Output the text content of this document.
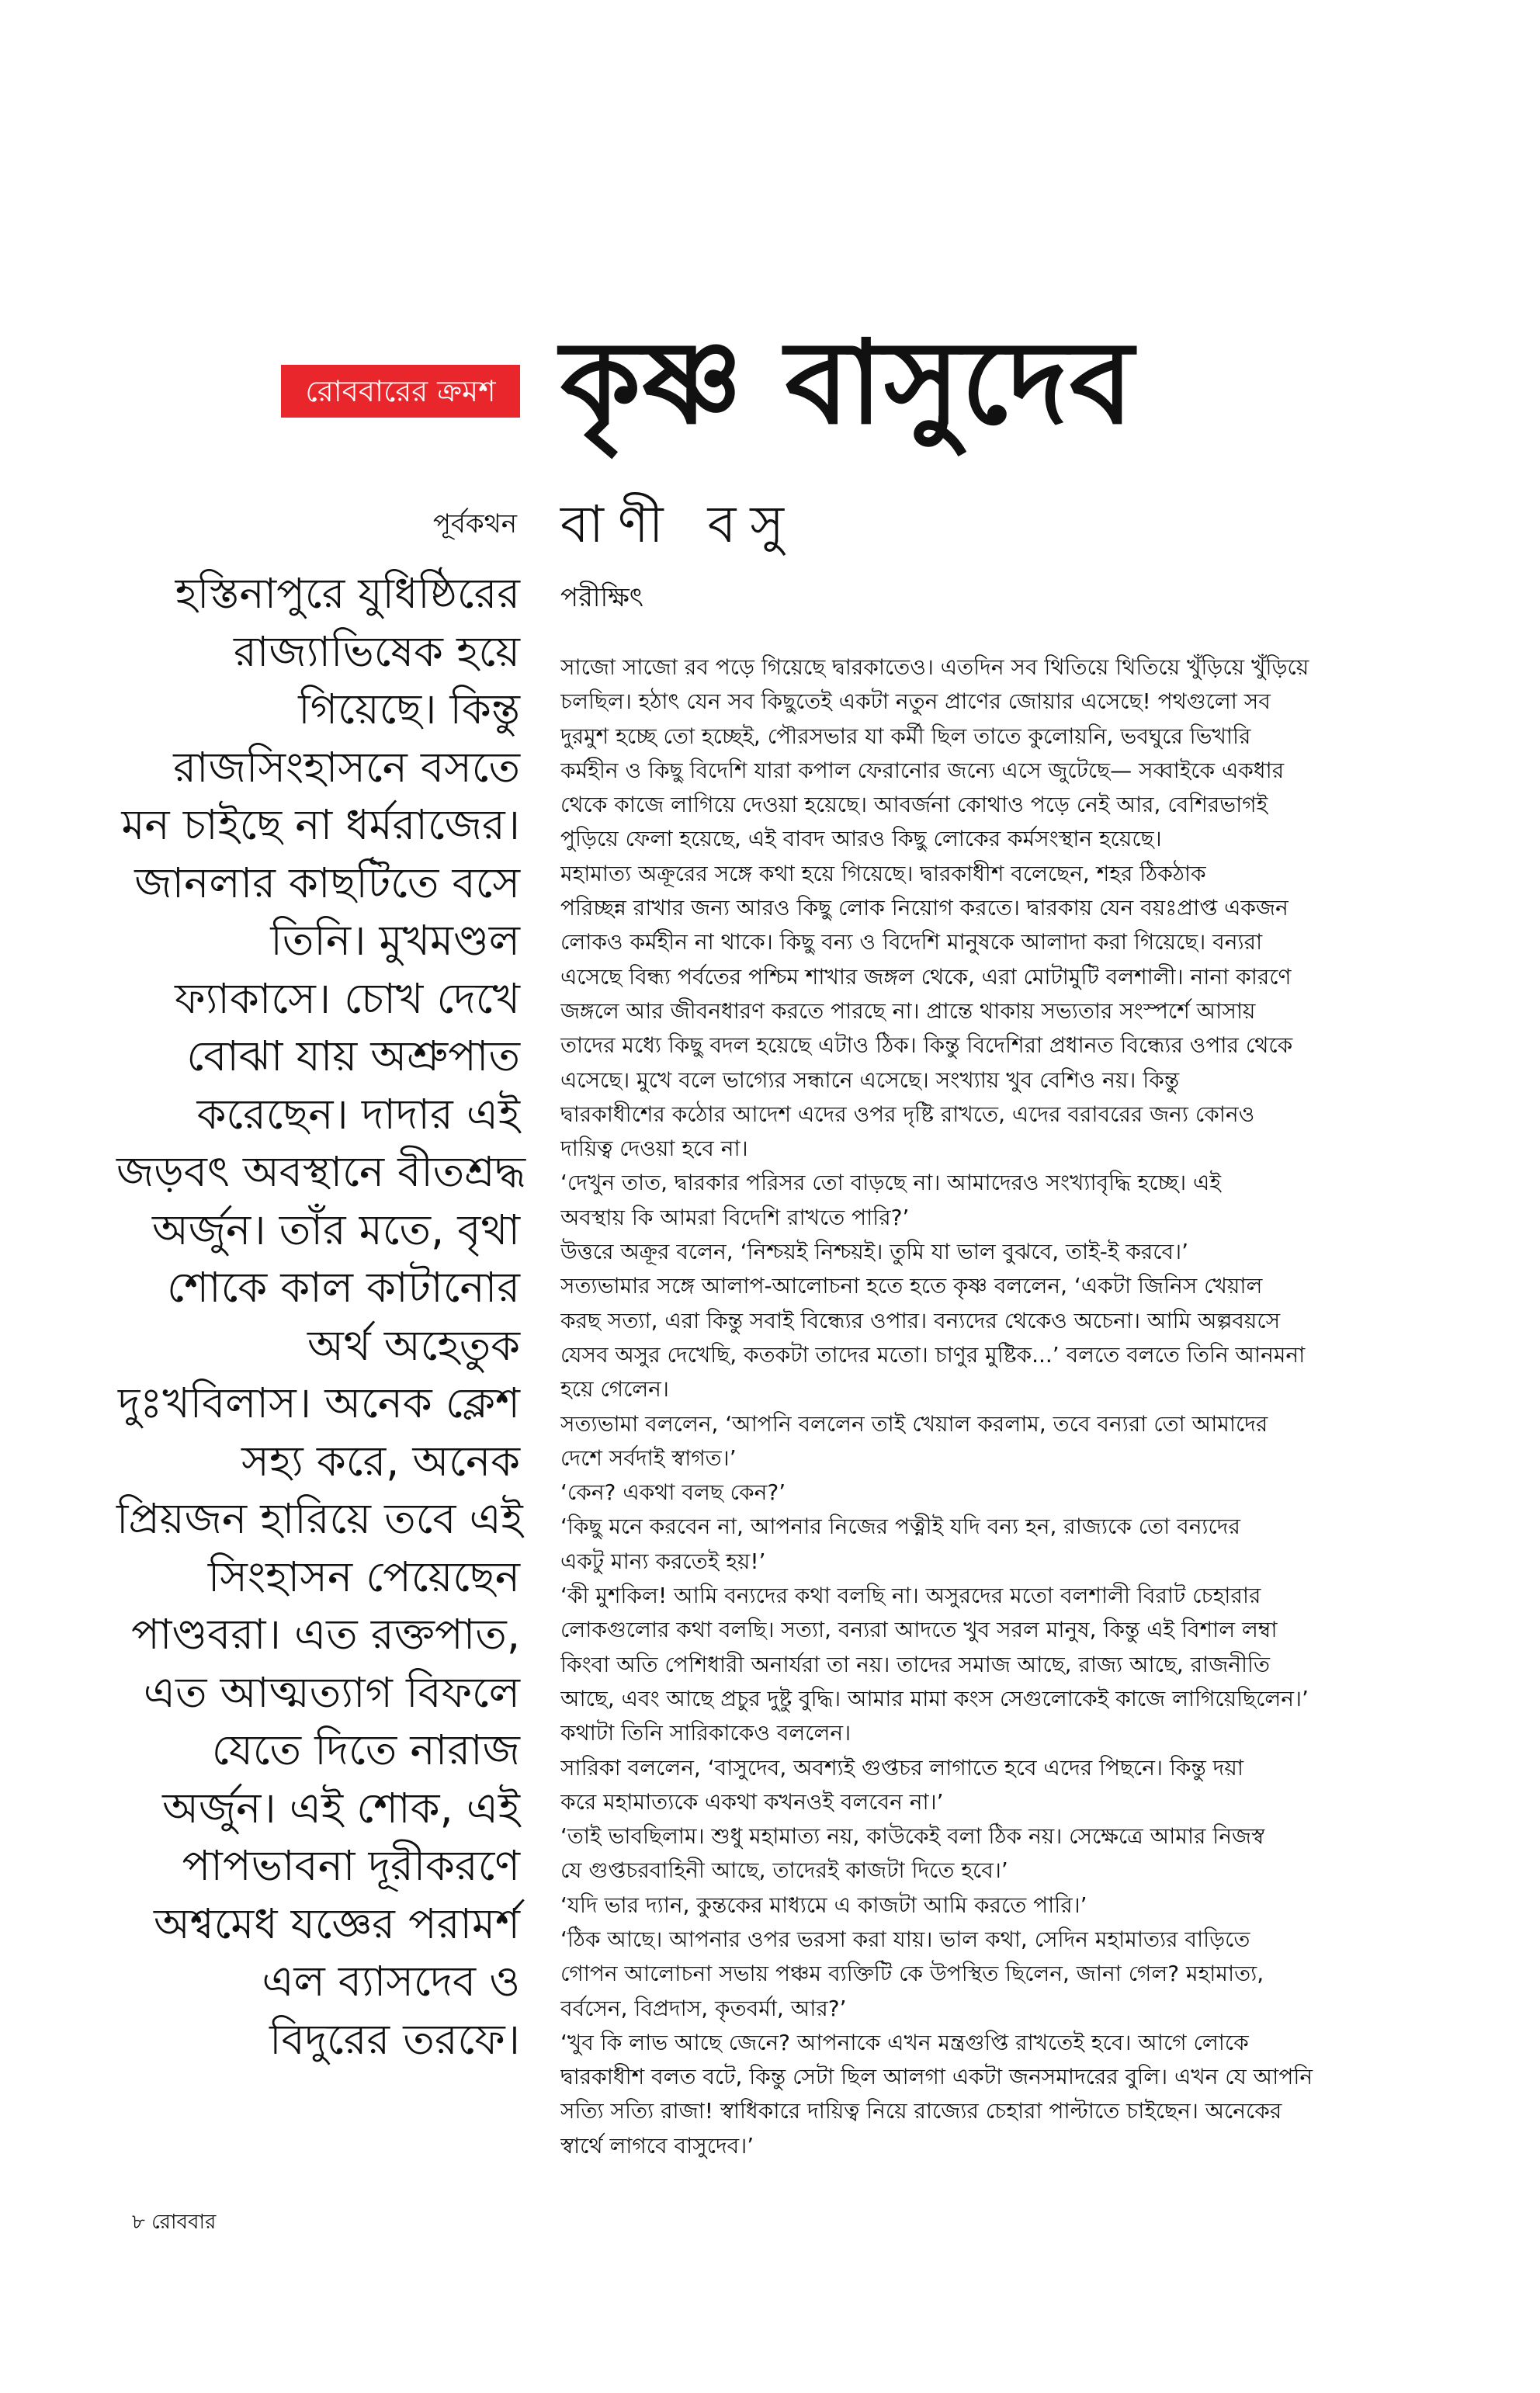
রোববারের ক্রমশ কৃষ্ণ বাসুদেব
পূর্বকথন বাণী বসু
হস্তিনাপুরে যুধিষ্ঠিরের
রাজ্যাভিষেক হয়ে
গিয়েছে। কিন্তু
রাজসিংহাসনে বসতে
মন চাইছে না ধর্মরাজের।
জানলার কাছটিতে বসে
তিনি। মুখমণ্ডল
ফ্যাকাসে। চোখ দেখে
বোঝা যায় অশ্রুপাত
করেছেন। দাদার এই
জড়বৎ অবস্থানে বীতশ্রদ্ধ
অর্জুন। তাঁর মতে, বৃথা
শোকে কাল কাটানোর
অর্থ অহেতুক
দুঃখবিলাস। অনেক ক্লেশ
সহ্য করে, অনেক
প্রিয়জন হারিয়ে তবে এই
সিংহাসন পেয়েছেন
পাণ্ডবরা। এত রক্তপাত,
এত আত্মত্যাগ বিফলে
যেতে দিতে নারাজ
অর্জুন। এই শোক, এই
পাপভাবনা দূরীকরণে
অশ্বমেধ যজ্ঞের পরামর্শ
এল ব্যাসদেব ও
বিদুরের তরফে।
পরীক্ষিৎ
সাজো সাজো রব পড়ে গিয়েছে দ্বারকাতেও। এতদিন সব থিতিয়ে থিতিয়ে খুঁড়িয়ে খুঁড়িয়ে
চলছিল। হঠাৎ যেন সব কিছুতেই একটা নতুন প্রাণের জোয়ার এসেছে! পথগুলো সব
দুরমুশ হচ্ছে তো হচ্ছেই, পৌরসভার যা কর্মী ছিল তাতে কুলোয়নি, ভবঘুরে ভিখারি
কর্মহীন ও কিছু বিদেশি যারা কপাল ফেরানোর জন্যে এসে জুটেছে— সব্বাইকে একধার
থেকে কাজে লাগিয়ে দেওয়া হয়েছে। আবর্জনা কোথাও পড়ে নেই আর, বেশিরভাগই
পুড়িয়ে ফেলা হয়েছে, এই বাবদ আরও কিছু লোকের কর্মসংস্থান হয়েছে।
মহামাত্য অক্রূরের সঙ্গে কথা হয়ে গিয়েছে। দ্বারকাধীশ বলেছেন, শহর ঠিকঠাক
পরিচ্ছন্ন রাখার জন্য আরও কিছু লোক নিয়োগ করতে। দ্বারকায় যেন বয়ঃপ্রাপ্ত একজন
লোকও কর্মহীন না থাকে। কিছু বন্য ও বিদেশি মানুষকে আলাদা করা গিয়েছে। বন্যরা
এসেছে বিন্ধ্য পর্বতের পশ্চিম শাখার জঙ্গল থেকে, এরা মোটামুটি বলশালী। নানা কারণে
জঙ্গলে আর জীবনধারণ করতে পারছে না। প্রান্তে থাকায় সভ্যতার সংস্পর্শে আসায়
তাদের মধ্যে কিছু বদল হয়েছে এটাও ঠিক। কিন্তু বিদেশিরা প্রধানত বিন্ধ্যের ওপার থেকে
এসেছে। মুখে বলে ভাগ্যের সন্ধানে এসেছে। সংখ্যায় খুব বেশিও নয়। কিন্তু
দ্বারকাধীশের কঠোর আদেশ এদের ওপর দৃষ্টি রাখতে, এদের বরাবরের জন্য কোনও
দায়িত্ব দেওয়া হবে না।
‘দেখুন তাত, দ্বারকার পরিসর তো বাড়ছে না। আমাদেরও সংখ্যাবৃদ্ধি হচ্ছে। এই
অবস্থায় কি আমরা বিদেশি রাখতে পারি?’
উত্তরে অক্রূর বলেন, ‘নিশ্চয়ই নিশ্চয়ই। তুমি যা ভাল বুঝবে, তাই-ই করবে।’
সত্যভামার সঙ্গে আলাপ-আলোচনা হতে হতে কৃষ্ণ বললেন, ‘একটা জিনিস খেয়াল
করছ সত্যা, এরা কিন্তু সবাই বিন্ধ্যের ওপার। বন্যদের থেকেও অচেনা। আমি অল্পবয়সে
যেসব অসুর দেখেছি, কতকটা তাদের মতো। চাণুর মুষ্টিক...’ বলতে বলতে তিনি আনমনা
হয়ে গেলেন।
সত্যভামা বললেন, ‘আপনি বললেন তাই খেয়াল করলাম, তবে বন্যরা তো আমাদের
দেশে সর্বদাই স্বাগত।’
‘কেন? একথা বলছ কেন?’
‘কিছু মনে করবেন না, আপনার নিজের পত্নীই যদি বন্য হন, রাজ্যকে তো বন্যদের
একটু মান্য করতেই হয়!’
‘কী মুশকিল! আমি বন্যদের কথা বলছি না। অসুরদের মতো বলশালী বিরাট চেহারার
লোকগুলোর কথা বলছি। সত্যা, বন্যরা আদতে খুব সরল মানুষ, কিন্তু এই বিশাল লম্বা
কিংবা অতি পেশিধারী অনার্যরা তা নয়। তাদের সমাজ আছে, রাজ্য আছে, রাজনীতি
আছে, এবং আছে প্রচুর দুষ্টু বুদ্ধি। আমার মামা কংস সেগুলোকেই কাজে লাগিয়েছিলেন।’
কথাটা তিনি সারিকাকেও বললেন।
সারিকা বললেন, ‘বাসুদেব, অবশ্যই গুপ্তচর লাগাতে হবে এদের পিছনে। কিন্তু দয়া
করে মহামাত্যকে একথা কখনওই বলবেন না।’
‘তাই ভাবছিলাম। শুধু মহামাত্য নয়, কাউকেই বলা ঠিক নয়। সেক্ষেত্রে আমার নিজস্ব
যে গুপ্তচরবাহিনী আছে, তাদেরই কাজটা দিতে হবে।’
‘যদি ভার দ্যান, কুন্তকের মাধ্যমে এ কাজটা আমি করতে পারি।’
‘ঠিক আছে। আপনার ওপর ভরসা করা যায়। ভাল কথা, সেদিন মহামাত্যর বাড়িতে
গোপন আলোচনা সভায় পঞ্চম ব্যক্তিটি কে উপস্থিত ছিলেন, জানা গেল? মহামাত্য,
বর্বসেন, বিপ্রদাস, কৃতবর্মা, আর?’
‘খুব কি লাভ আছে জেনে? আপনাকে এখন মন্ত্রগুপ্তি রাখতেই হবে। আগে লোকে
দ্বারকাধীশ বলত বটে, কিন্তু সেটা ছিল আলগা একটা জনসমাদরের বুলি। এখন যে আপনি
সত্যি সত্যি রাজা! স্বাধিকারে দায়িত্ব নিয়ে রাজ্যের চেহারা পাল্টাতে চাইছেন। অনেকের
স্বার্থে লাগবে বাসুদেব।’
৮ রোববার
